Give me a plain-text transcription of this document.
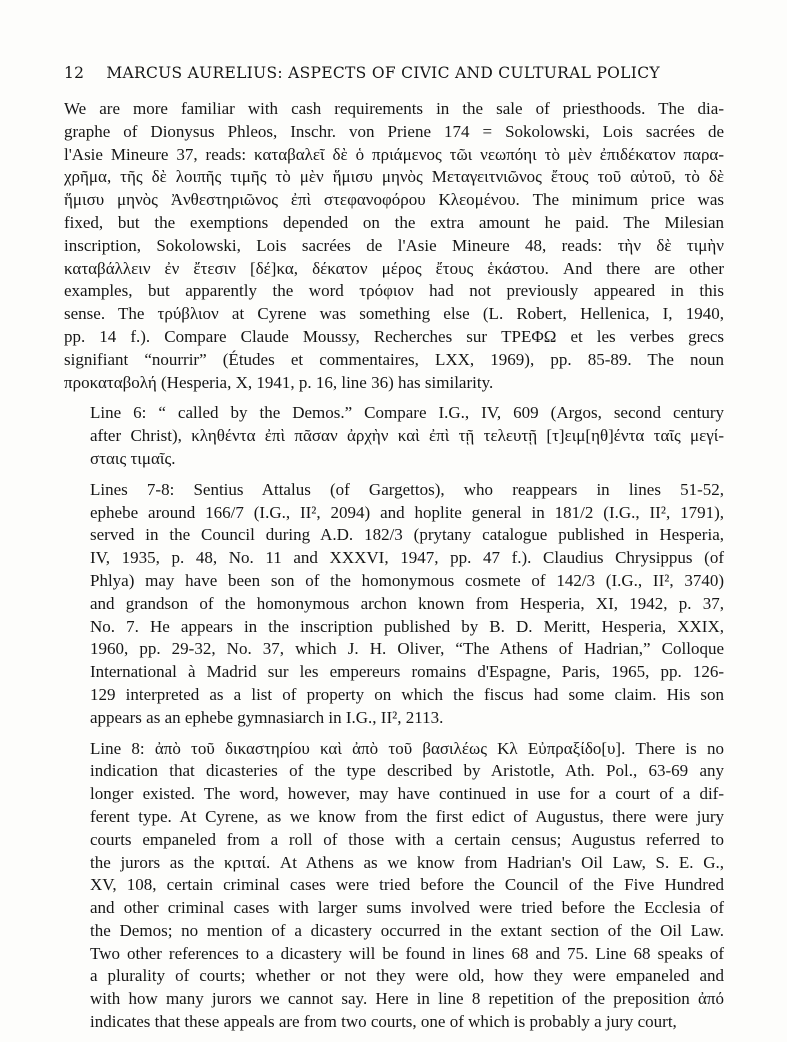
12 MARCUS AURELIUS: ASPECTS OF CIVIC AND CULTURAL POLICY

We are more familiar with cash requirements in the sale of priesthoods. The dia-
graphe of Dionysus Phleos, Inschr. von Priene 174 = Sokolowski, Lois sacrées de
l'Asie Mineure 37, reads: καταβαλεῖ δὲ ὁ πριάμενος τῶι νεωπόηι τὸ μὲν ἐπιδέκατον παρα-
χρῆμα, τῆς δὲ λοιπῆς τιμῆς τὸ μὲν ἥμισυ μηνὸς Μεταγειτνιῶνος ἔτους τοῦ αὐτοῦ, τὸ δὲ
ἥμισυ μηνὸς Ἀνθεστηριῶνος ἐπὶ στεφανοφόρου Κλεομένου. The minimum price was
fixed, but the exemptions depended on the extra amount he paid. The Milesian
inscription, Sokolowski, Lois sacrées de l'Asie Mineure 48, reads: τὴν δὲ τιμὴν
καταβάλλειν ἐν ἔτεσιν [δέ]κα, δέκατον μέρος ἔτους ἑκάστου. And there are other
examples, but apparently the word τρόφιον had not previously appeared in this
sense. The τρύβλιον at Cyrene was something else (L. Robert, Hellenica, I, 1940,
pp. 14 f.). Compare Claude Moussy, Recherches sur ΤΡΕΦΩ et les verbes grecs
signifiant “nourrir” (Études et commentaires, LXX, 1969), pp. 85-89. The noun
προκαταβολή (Hesperia, X, 1941, p. 16, line 36) has similarity.

Line 6: “ called by the Demos.” Compare I.G., IV, 609 (Argos, second century
after Christ), κληθέντα ἐπὶ πᾶσαν ἀρχὴν καὶ ἐπὶ τῇ τελευτῇ [τ]ειμ[ηθ]έντα ταῖς μεγί-
σταις τιμαῖς.

Lines 7-8: Sentius Attalus (of Gargettos), who reappears in lines 51-52,
ephebe around 166/7 (I.G., II², 2094) and hoplite general in 181/2 (I.G., II², 1791),
served in the Council during A.D. 182/3 (prytany catalogue published in Hesperia,
IV, 1935, p. 48, No. 11 and XXXVI, 1947, pp. 47 f.). Claudius Chrysippus (of
Phlya) may have been son of the homonymous cosmete of 142/3 (I.G., II², 3740)
and grandson of the homonymous archon known from Hesperia, XI, 1942, p. 37,
No. 7. He appears in the inscription published by B. D. Meritt, Hesperia, XXIX,
1960, pp. 29-32, No. 37, which J. H. Oliver, “The Athens of Hadrian,” Colloque
International à Madrid sur les empereurs romains d'Espagne, Paris, 1965, pp. 126-
129 interpreted as a list of property on which the fiscus had some claim. His son
appears as an ephebe gymnasiarch in I.G., II², 2113.

Line 8: ἀπὸ τοῦ δικαστηρίου καὶ ἀπὸ τοῦ βασιλέως Κλ Εὐπραξίδο[υ]. There is no
indication that dicasteries of the type described by Aristotle, Ath. Pol., 63-69 any
longer existed. The word, however, may have continued in use for a court of a dif-
ferent type. At Cyrene, as we know from the first edict of Augustus, there were jury
courts empaneled from a roll of those with a certain census; Augustus referred to
the jurors as the κριταί. At Athens as we know from Hadrian's Oil Law, S. E. G.,
XV, 108, certain criminal cases were tried before the Council of the Five Hundred
and other criminal cases with larger sums involved were tried before the Ecclesia of
the Demos; no mention of a dicastery occurred in the extant section of the Oil Law.
Two other references to a dicastery will be found in lines 68 and 75. Line 68 speaks of
a plurality of courts; whether or not they were old, how they were empaneled and
with how many jurors we cannot say. Here in line 8 repetition of the preposition ἀπό
indicates that these appeals are from two courts, one of which is probably a jury court,
